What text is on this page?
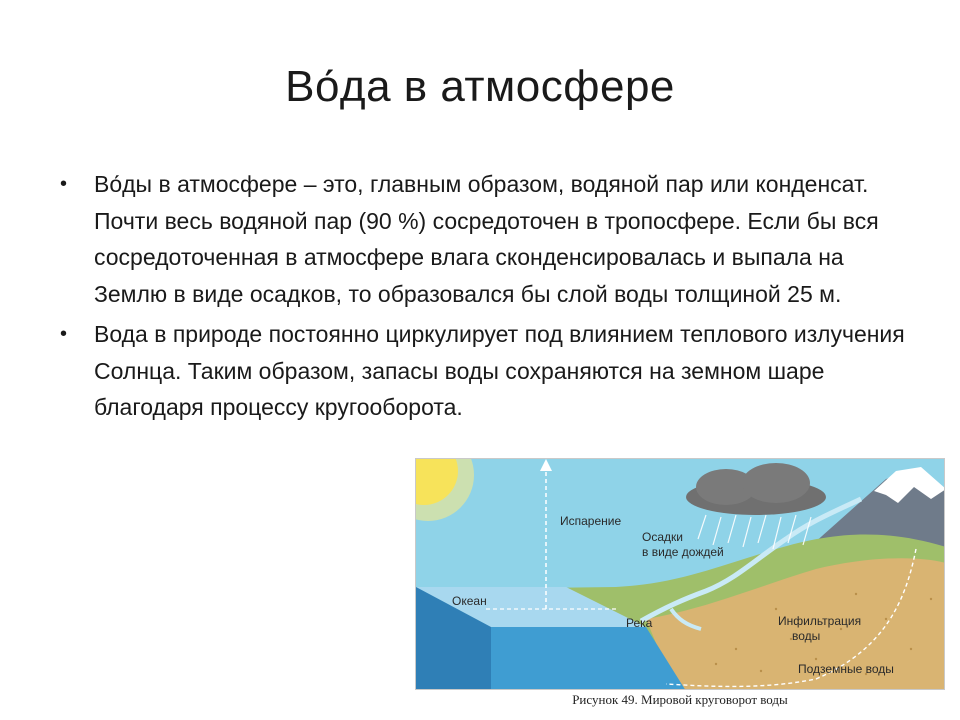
Во́да в атмосфере
• Во́ды в атмосфере – это, главным образом, водяной пар или конденсат. Почти весь водяной пар (90 %) сосредоточен в тропосфере. Если бы вся сосредоточенная в атмосфере влага сконденсировалась и выпала на Землю в виде осадков, то образовался бы слой воды толщиной 25 м.
• Вода в природе постоянно циркулирует под влиянием теплового излучения Солнца. Таким образом, запасы воды сохраняются на земном шаре благодаря процессу кругооборота.
Испарение
Осадки
в виде дождей
Океан
Река	Инфильтрация
воды
Подземные воды
Рисунок 49. Мировой круговорот воды
